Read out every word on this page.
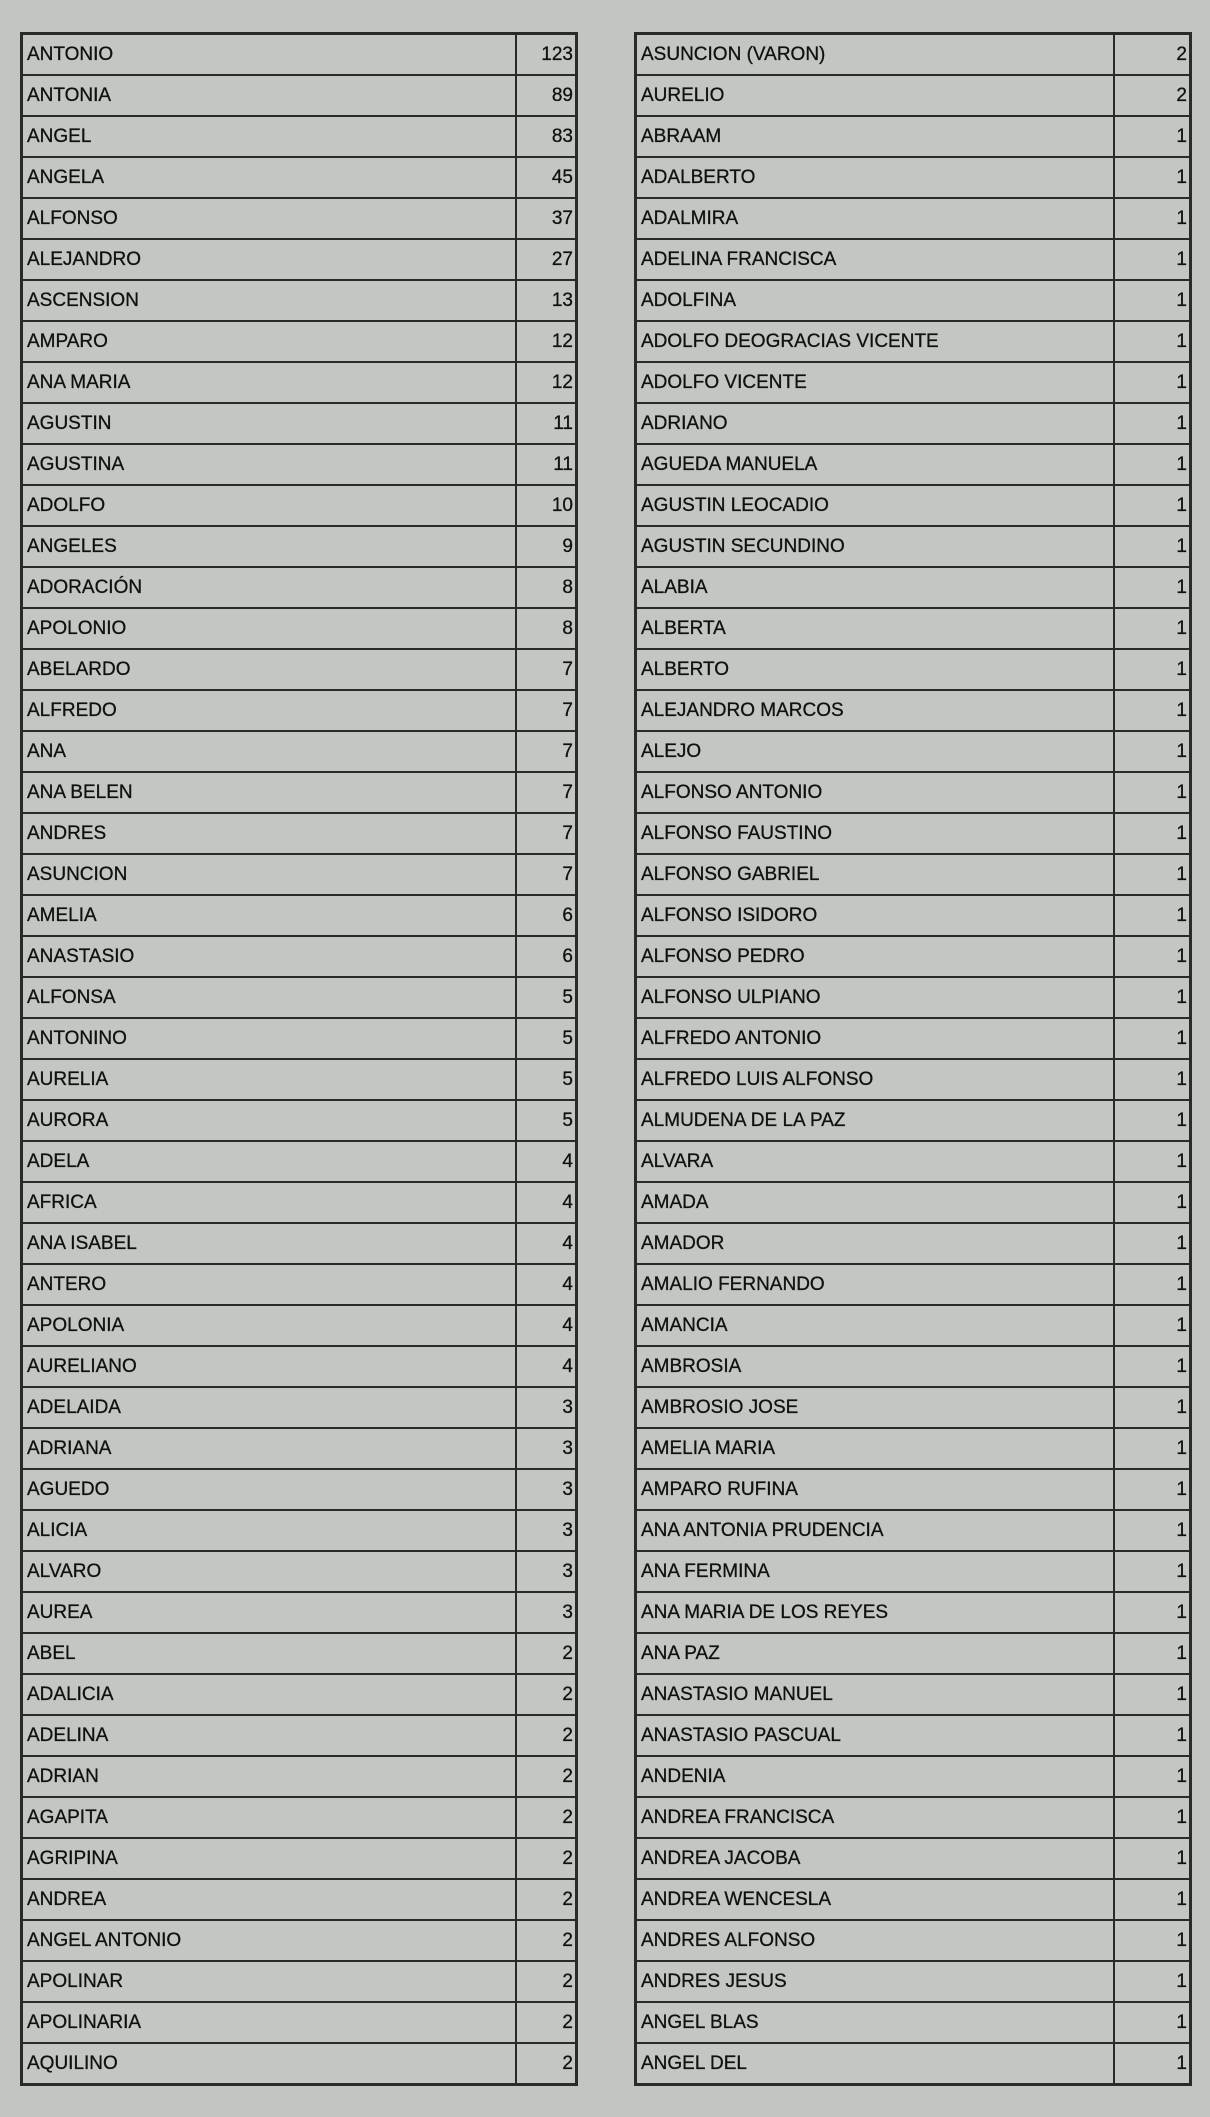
ANTONIO	123
ANTONIA	89
ANGEL	83
ANGELA	45
ALFONSO	37
ALEJANDRO	27
ASCENSION	13
AMPARO	12
ANA MARIA	12
AGUSTIN	11
AGUSTINA	11
ADOLFO	10
ANGELES	9
ADORACIÓN	8
APOLONIO	8
ABELARDO	7
ALFREDO	7
ANA	7
ANA BELEN	7
ANDRES	7
ASUNCION	7
AMELIA	6
ANASTASIO	6
ALFONSA	5
ANTONINO	5
AURELIA	5
AURORA	5
ADELA	4
AFRICA	4
ANA ISABEL	4
ANTERO	4
APOLONIA	4
AURELIANO	4
ADELAIDA	3
ADRIANA	3
AGUEDO	3
ALICIA	3
ALVARO	3
AUREA	3
ABEL	2
ADALICIA	2
ADELINA	2
ADRIAN	2
AGAPITA	2
AGRIPINA	2
ANDREA	2
ANGEL ANTONIO	2
APOLINAR	2
APOLINARIA	2
AQUILINO	2
ASUNCION (VARON)	2
AURELIO	2
ABRAAM	1
ADALBERTO	1
ADALMIRA	1
ADELINA FRANCISCA	1
ADOLFINA	1
ADOLFO DEOGRACIAS VICENTE	1
ADOLFO VICENTE	1
ADRIANO	1
AGUEDA MANUELA	1
AGUSTIN LEOCADIO	1
AGUSTIN SECUNDINO	1
ALABIA	1
ALBERTA	1
ALBERTO	1
ALEJANDRO MARCOS	1
ALEJO	1
ALFONSO ANTONIO	1
ALFONSO FAUSTINO	1
ALFONSO GABRIEL	1
ALFONSO ISIDORO	1
ALFONSO PEDRO	1
ALFONSO ULPIANO	1
ALFREDO ANTONIO	1
ALFREDO LUIS ALFONSO	1
ALMUDENA DE LA PAZ	1
ALVARA	1
AMADA	1
AMADOR	1
AMALIO FERNANDO	1
AMANCIA	1
AMBROSIA	1
AMBROSIO JOSE	1
AMELIA MARIA	1
AMPARO RUFINA	1
ANA ANTONIA PRUDENCIA	1
ANA FERMINA	1
ANA MARIA DE LOS REYES	1
ANA PAZ	1
ANASTASIO MANUEL	1
ANASTASIO PASCUAL	1
ANDENIA	1
ANDREA FRANCISCA	1
ANDREA JACOBA	1
ANDREA WENCESLA	1
ANDRES ALFONSO	1
ANDRES JESUS	1
ANGEL BLAS	1
ANGEL DEL	1
